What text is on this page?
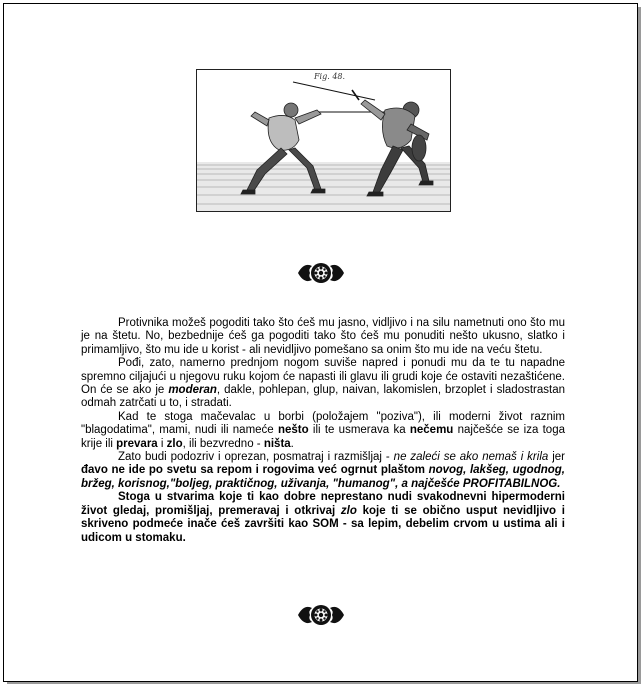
Fig. 48.

Protivnika možeš pogoditi tako što ćeš mu jasno, vidljivo i na silu nametnuti ono što mu je na štetu. No, bezbednije ćeš ga pogoditi tako što ćeš mu ponuditi nešto ukusno, slatko i primamljivo, što mu ide u korist - ali nevidljivo pomešano sa onim što mu ide na veću štetu.

Pođi, zato, namerno prednjom nogom suviše napred i ponudi mu da te tu napadne spremno ciljajući u njegovu ruku kojom će napasti ili glavu ili grudi koje će ostaviti nezaštićene. On će se ako je moderan, dakle, pohlepan, glup, naivan, lakomislen, brzoplet i sladostrastan odmah zatrčati u to, i stradati.

Kad te stoga mačevalac u borbi (položajem "poziva"), ili moderni život raznim "blagodatima", mami, nudi ili nameće nešto ili te usmerava ka nečemu najčešće se iza toga krije ili prevara i zlo, ili bezvredno - ništa.

Zato budi podozriv i oprezan, posmatraj i razmišljaj - ne zaleći se ako nemaš i krila jer đavo ne ide po svetu sa repom i rogovima već ogrnut plaštom novog, lakšeg, ugodnog, bržeg, korisnog,"boljeg, praktičnog, uživanja, "humanog", a najčešće PROFITABILNOG.

Stoga u stvarima koje ti kao dobre neprestano nudi svakodnevni hipermoderni život gledaj, promišljaj, premeravaj i otkrivaj zlo koje ti se obično usput nevidljivo i skriveno podmeće inače ćeš završiti kao SOM - sa lepim, debelim crvom u ustima ali i udicom u stomaku.
